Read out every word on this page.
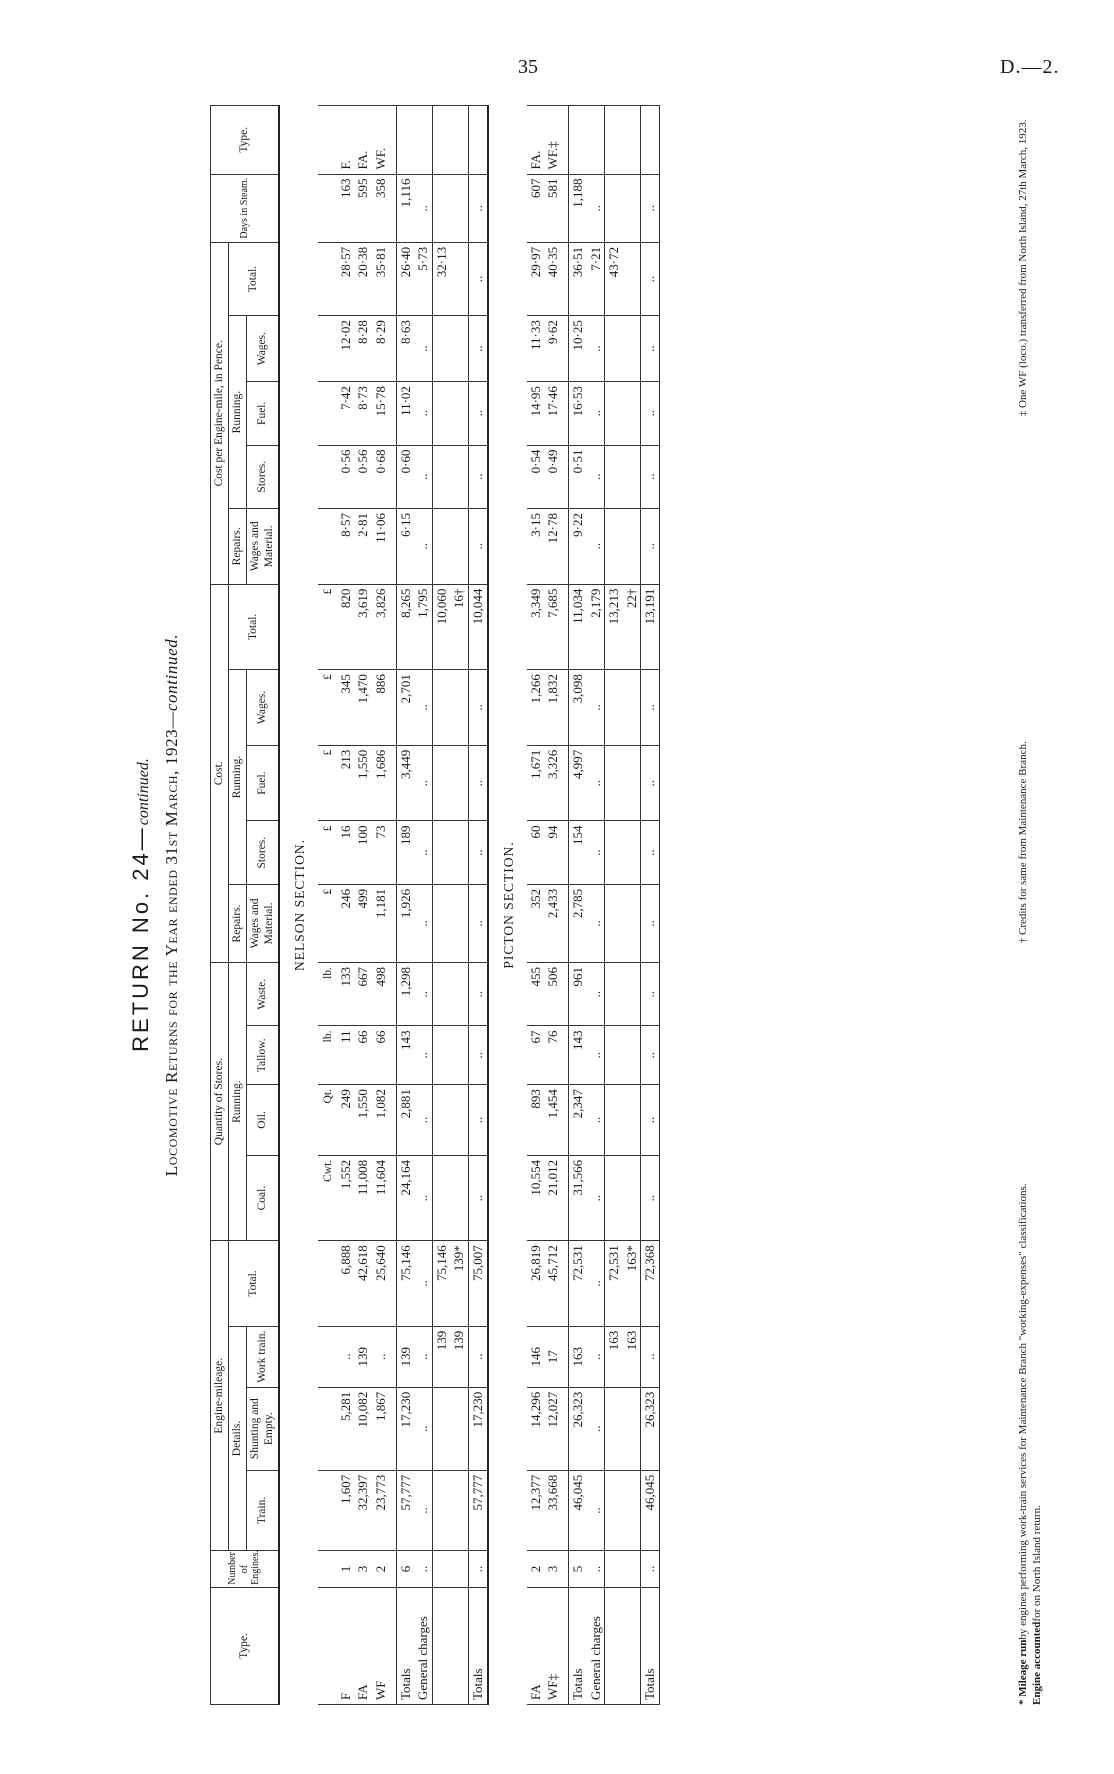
35	D.—2.
RETURN No. 24—continued. Locomotive Returns for the Year ended 31st March, 1923—continued.
Type.	Number of Engines.	Engine-mileage.				Quantity of Stores.				Cost.					Cost per Engine-mile, in Pence.					Days in Steam.	Type.
		Details.			Total.	Running.				Repairs.	Running.			Total.	Repairs.	Running.			Total.		
		Train.	Shunting and Empty.	Work train.																	
						Coal.	Oil.	Tallow.	Waste.	Wages and Material.	Stores.	Fuel.	Wages.		Wages and Material.	Stores.	Fuel.	Wages.			
NELSON SECTION.																					
						Cwt.	Qt.	lb.	lb.	£	£	£	£	£							
F	1	1,607	5,281	..	6,888	1,552	249	11	133	246	16	213	345	820	8·57	0·56	7·42	12·02	28·57	163	F.
FA	3	32,397	10,082	139	42,618	11,008	1,550	66	667	499	100	1,550	1,470	3,619	2·81	0·56	8·73	8·28	20·38	595	FA.
WF	2	23,773	1,867	..	25,640	11,604	1,082	66	498	1,181	73	1,686	886	3,826	11·06	0·68	15·78	8·29	35·81	358	WF.

Totals	6	57,777	17,230	139	75,146	24,164	2,881	143	1,298	1,926	189	3,449	2,701	8,265	6·15	0·60	11·02	8·63	26·40	1,116	
General charges	..	..	..	..	..	..	..	..	..	..	..	..	..	1,795	..	..	..	..	5·73	..	
				139	75,146									10,060					32·13		
				139	139*									16†							
Totals	..	57,777	17,230	..	75,007	..	..	..	..	..	..	..	..	10,044	..	..	..	..	..	..	
PICTON SECTION.																					
FA	2	12,377	14,296	146	26,819	10,554	893	67	455	352	60	1,671	1,266	3,349	3·15	0·54	14·95	11·33	29·97	607	FA.
WF‡	3	33,668	12,027	17	45,712	21,012	1,454	76	506	2,433	94	3,326	1,832	7,685	12·78	0·49	17·46	9·62	40·35	581	WF.‡

Totals	5	46,045	26,323	163	72,531	31,566	2,347	143	961	2,785	154	4,997	3,098	11,034	9·22	0·51	16·53	10·25	36·51	1,188	
General charges	..	..	..	..	..	..	..	..	..	..	..	..	..	2,179	..	..	..	..	7·21	..	
				163	72,531									13,213					43·72		
				163	163*									22†							
Totals	..	46,045	26,323	..	72,368	..	..	..	..	..	..	..	..	13,191	..	..	..	..	..	..	
* Mileage runby engines performing work-train services for Maintenance Branch "working-expenses" classifications. † Credits for same from Maintenance Branch. ‡ One WF (loco.) transferred from North Island, 27th March, 1923.
Engine accountedfor on North Island return.
